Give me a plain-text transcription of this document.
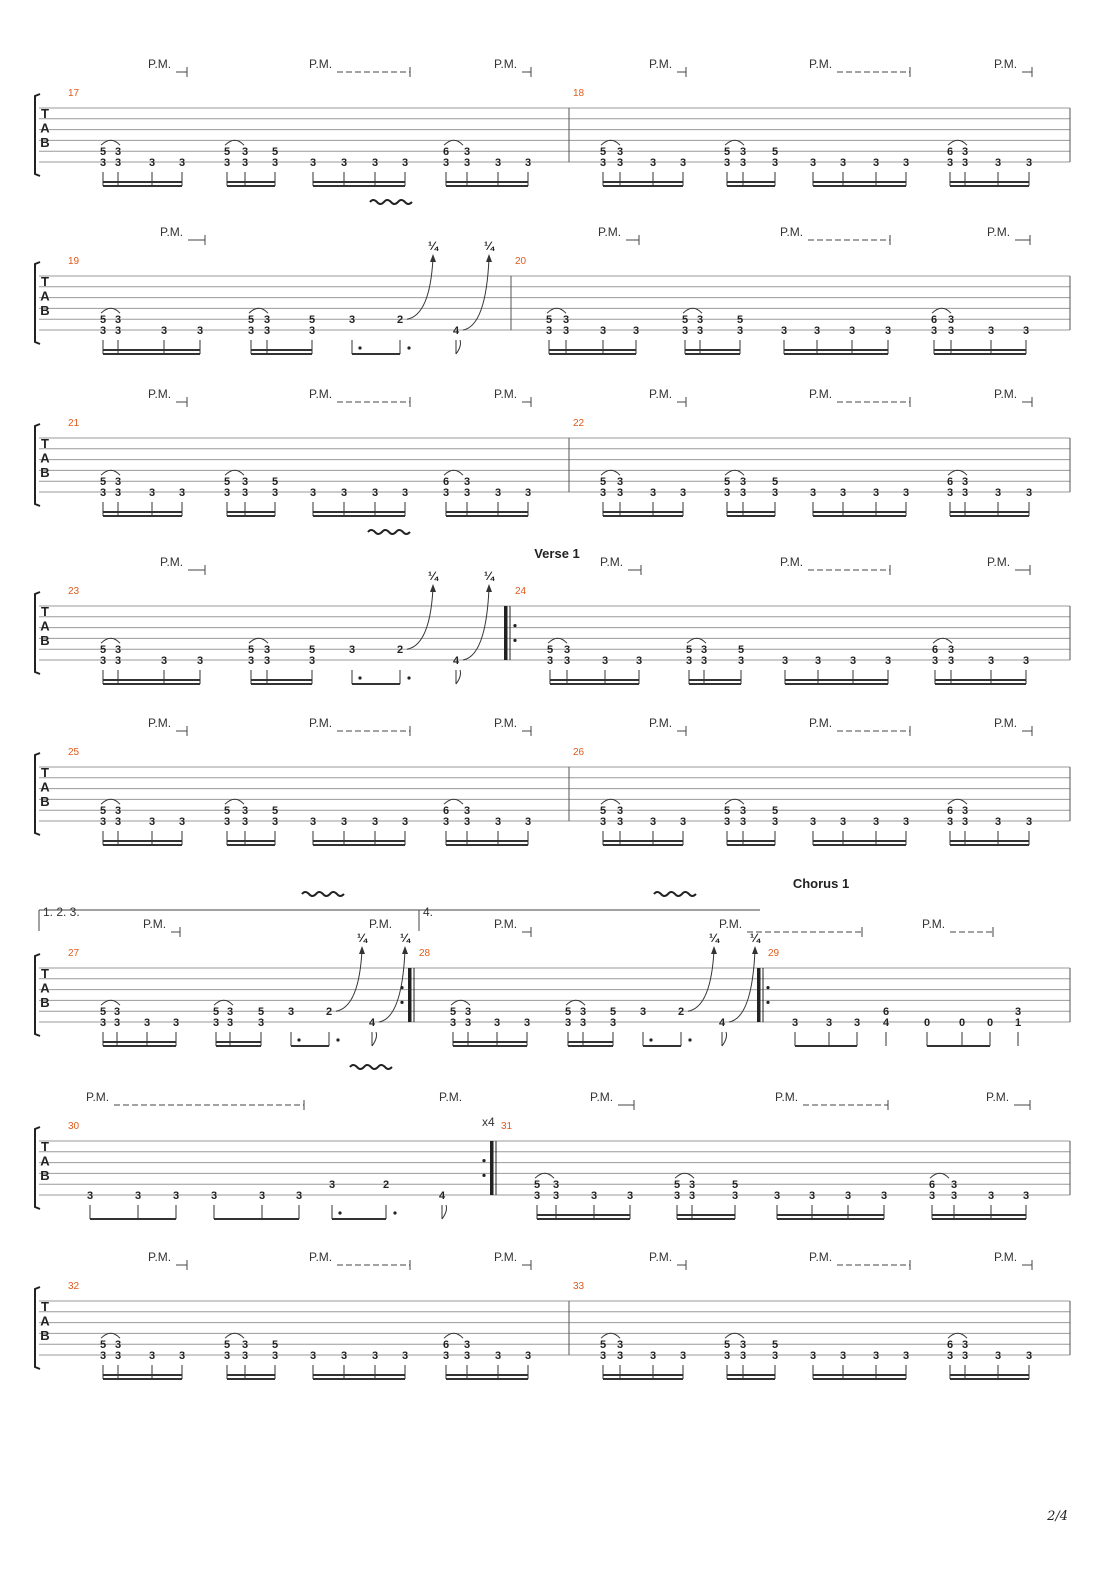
T
A
B
P.M.	P.M.	P.M.	P.M.	P.M.	P.M.
17
5
3
3
3	3 3
5
3
3
3
5
3	3 3 3 3
6
3
3
3 3 3
18
5
3
3
3 3 3
5
3
3
3
5
3	3 3 3 3
6
3
3
3 3 3
T
A
B
P.M.	P.M.	P.M.	P.M.
19
5
3
3
3	3	3
5
3
3
3
5
3
3	2
¼
4
¼
20
5
3
3
3	3 3
5
3
3
3
5
3	3 3	3	3
6
3
3
3	3	3
T
A
B
P.M.	P.M.	P.M.	P.M.	P.M.	P.M.
21
5
3
3
3	3 3
5
3
3
3
5
3	3 3 3 3
6
3
3
3 3 3
22
5
3
3
3 3 3
5
3
3
3
5
3	3 3 3 3
6
3
3
3 3 3
T
A
B
P.M.	P.M.	P.M.	P.M.
Verse 1
23
5
3
3
3	3	3
5
3
3
3
5
3
3	2
¼
4
¼
24
5
3
3
3	3	3
5
3
3
3
5
3	3 3	3	3
6
3
3
3	3	3
T
A
B
P.M.	P.M.	P.M.	P.M.	P.M.	P.M.
25
5
3
3
3	3 3
5
3
3
3
5
3	3 3 3 3
6
3
3
3 3 3
26
5
3
3
3 3 3
5
3
3
3
5
3	3 3 3 3
6
3
3
3 3 3
T
A
B
P.M.	P.M.	P.M.	P.M.	P.M.
Chorus 1
27
1. 2. 3.
5
3
3
3 3 3
5
3
3
3
5
3
3	2
¼
4
¼
28
4.
5
3
3
3 3 3
5
3
3
3
5
3
3	2
¼
4
¼
29
3	3 3
6
4	0	0 0
3
1
T
A
B
P.M.	P.M.	P.M.	P.M.	P.M.
30	x4
3	3	3	3	3	3
3	2
4
31
5
3
3
3	3	3
5
3
3
3
5
3	3	3	3	3
6
3
3
3	3	3
T
A
B
P.M.	P.M.	P.M.	P.M.	P.M.	P.M.
32
5
3
3
3	3 3
5
3
3
3
5
3	3 3 3 3
6
3
3
3 3 3
33
5
3
3
3 3 3
5
3
3
3
5
3	3 3 3 3
6
3
3
3 3 3
2/4
